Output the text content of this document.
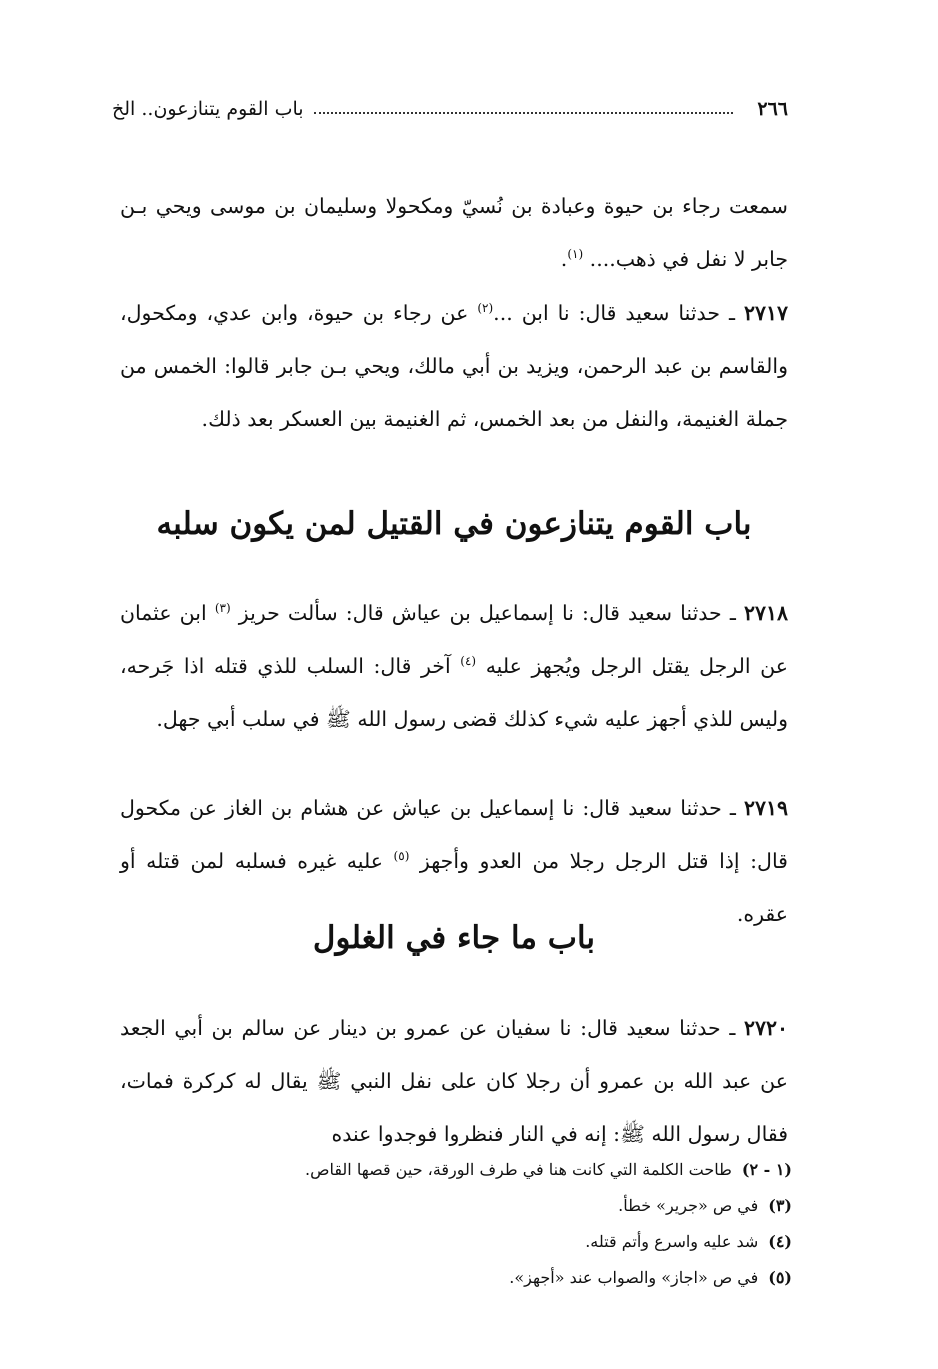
٢٦٦
باب القوم يتنازعون.. الخ

سمعت رجاء بن حيوة وعبادة بن نُسيّ ومكحولا وسليمان بن موسى ويحي بـن جابر لا نفل في ذهب.... $^{(١)}$.

٢٧١٧ ـ حدثنا سعيد قال: نا ابن ...$^{(٢)}$ عن رجاء بن حيوة، وابن عدي، ومكحول، والقاسم بن عبد الرحمن، ويزيد بن أبي مالك، ويحي بـن جابر قالوا: الخمس من جملة الغنيمة، والنفل من بعد الخمس، ثم الغنيمة بين العسكر بعد ذلك.

باب القوم يتنازعون في القتيل لمن يكون سلبه

٢٧١٨ ـ حدثنا سعيد قال: نا إسماعيل بن عياش قال: سألت حريز $^{(٣)}$ ابن عثمان عن الرجل يقتل الرجل ويُجهز عليه $^{(٤)}$ آخر قال: السلب للذي قتله اذا جَرحه، وليس للذي أجهز عليه شيء كذلك قضى رسول الله ﷺ في سلب أبي جهل.

٢٧١٩ ـ حدثنا سعيد قال: نا إسماعيل بن عياش عن هشام بن الغاز عن مكحول قال: إذا قتل الرجل رجلا من العدو وأجهز $^{(٥)}$ عليه غيره فسلبه لمن قتله أو عقره.

باب ما جاء في الغلول

٢٧٢٠ ـ حدثنا سعيد قال: نا سفيان عن عمرو بن دينار عن سالم بن أبي الجعد عن عبد الله بن عمرو أن رجلا كان على نفل النبي ﷺ يقال له كركرة فمات، فقال رسول الله ﷺ: إنه في النار فنظروا فوجدوا عنده

(١ - ٢)طاحت الكلمة التي كانت هنا في طرف الورقة، حين قصها القاص.

(٣)في ص «جرير» خطأ.

(٤)شد عليه واسرع وأتم قتله.

(٥)في ص «اجاز» والصواب عند «أجهز».
